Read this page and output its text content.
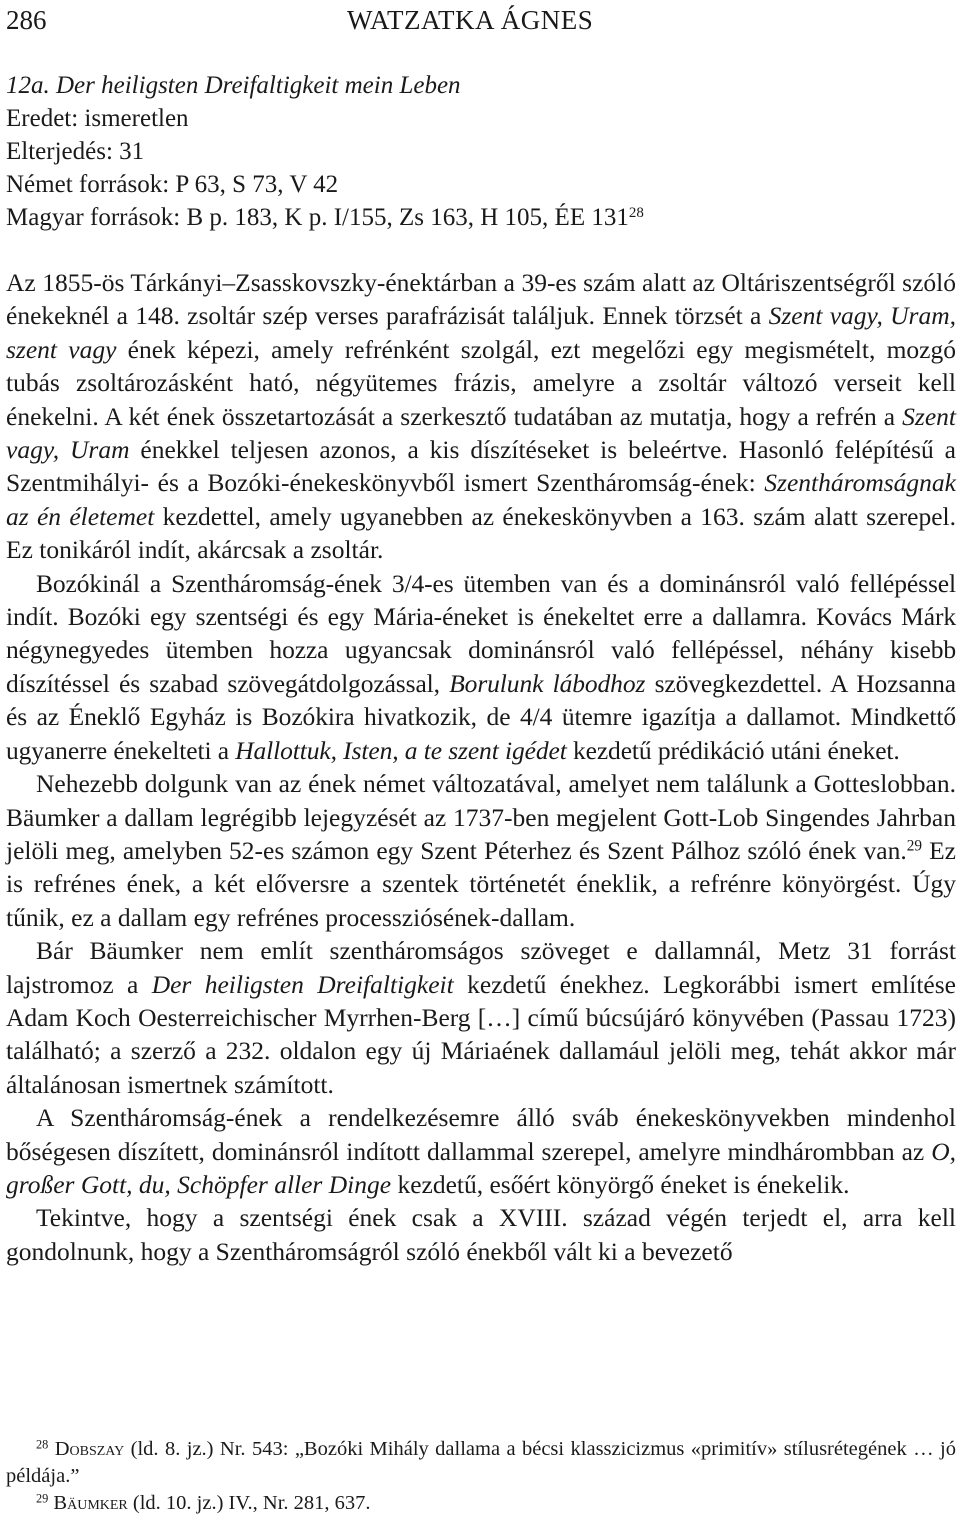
286	WATZATKA ÁGNES
12a. Der heiligsten Dreifaltigkeit mein Leben
Eredet: ismeretlen
Elterjedés: 31
Német források: P 63, S 73, V 42
Magyar források: B p. 183, K p. I/155, Zs 163, H 105, ÉE $131^{28}$

Az 1855-ös Tárkányi–Zsasskovszky-énektárban a 39-es szám alatt az Oltáriszentségről szóló énekeknél a 148. zsoltár szép verses parafrázisát találjuk. Ennek törzsét a Szent vagy, Uram, szent vagy ének képezi, amely refrénként szolgál, ezt megelőzi egy megismételt, mozgó tubás zsoltározásként ható, négyütemes frázis, amelyre a zsoltár változó verseit kell énekelni. A két ének összetartozását a szerkesztő tudatában az mutatja, hogy a refrén a Szent vagy, Uram énekkel teljesen azonos, a kis díszítéseket is beleértve. Hasonló felépítésű a Szentmihályi- és a Bozóki-énekeskönyvből ismert Szentháromság-ének: Szentháromságnak az én életemet kezdettel, amely ugyanebben az énekeskönyvben a 163. szám alatt szerepel. Ez tonikáról indít, akárcsak a zsoltár.

Bozókinál a Szentháromság-ének 3/4-es ütemben van és a dominánsról való fellépéssel indít. Bozóki egy szentségi és egy Mária-éneket is énekeltet erre a dallamra. Kovács Márk négynegyedes ütemben hozza ugyancsak dominánsról való fellépéssel, néhány kisebb díszítéssel és szabad szövegátdolgozással, Borulunk lábodhoz szövegkezdettel. A Hozsanna és az Éneklő Egyház is Bozókira hivatkozik, de 4/4 ütemre igazítja a dallamot. Mindkettő ugyanerre énekelteti a Hallottuk, Isten, a te szent igédet kezdetű prédikáció utáni éneket.

Nehezebb dolgunk van az ének német változatával, amelyet nem találunk a Gotteslobban. Bäumker a dallam legrégibb lejegyzését az 1737-ben megjelent Gott-Lob Singendes Jahrban jelöli meg, amelyben 52-es számon egy Szent Péterhez és Szent Pálhoz szóló ének van.$^{29}$ Ez is refrénes ének, a két előversre a szentek történetét éneklik, a refrénre könyörgést. Úgy tűnik, ez a dallam egy refrénes processziósének-dallam.

Bár Bäumker nem említ szentháromságos szöveget e dallamnál, Metz 31 forrást lajstromoz a Der heiligsten Dreifaltigkeit kezdetű énekhez. Legkorábbi ismert említése Adam Koch Oesterreichischer Myrrhen-Berg […] című búcsújáró könyvében (Passau 1723) található; a szerző a 232. oldalon egy új Máriaének dallamául jelöli meg, tehát akkor már általánosan ismertnek számított.

A Szentháromság-ének a rendelkezésemre álló sváb énekeskönyvekben mindenhol bőségesen díszített, dominánsról indított dallammal szerepel, amelyre mindhárombban az O, großer Gott, du, Schöpfer aller Dinge kezdetű, esőért könyörgő éneket is énekelik.

Tekintve, hogy a szentségi ének csak a XVIII. század végén terjedt el, arra kell gondolnunk, hogy a Szentháromságról szóló énekből vált ki a bevezető

$^{28}$ Dobszay (ld. 8. jz.) Nr. 543: „Bozóki Mihály dallama a bécsi klasszicizmus «primitív» stílusrétegének … jó példája.”

$^{29}$ Bäumker (ld. 10. jz.) IV., Nr. 281, 637.
